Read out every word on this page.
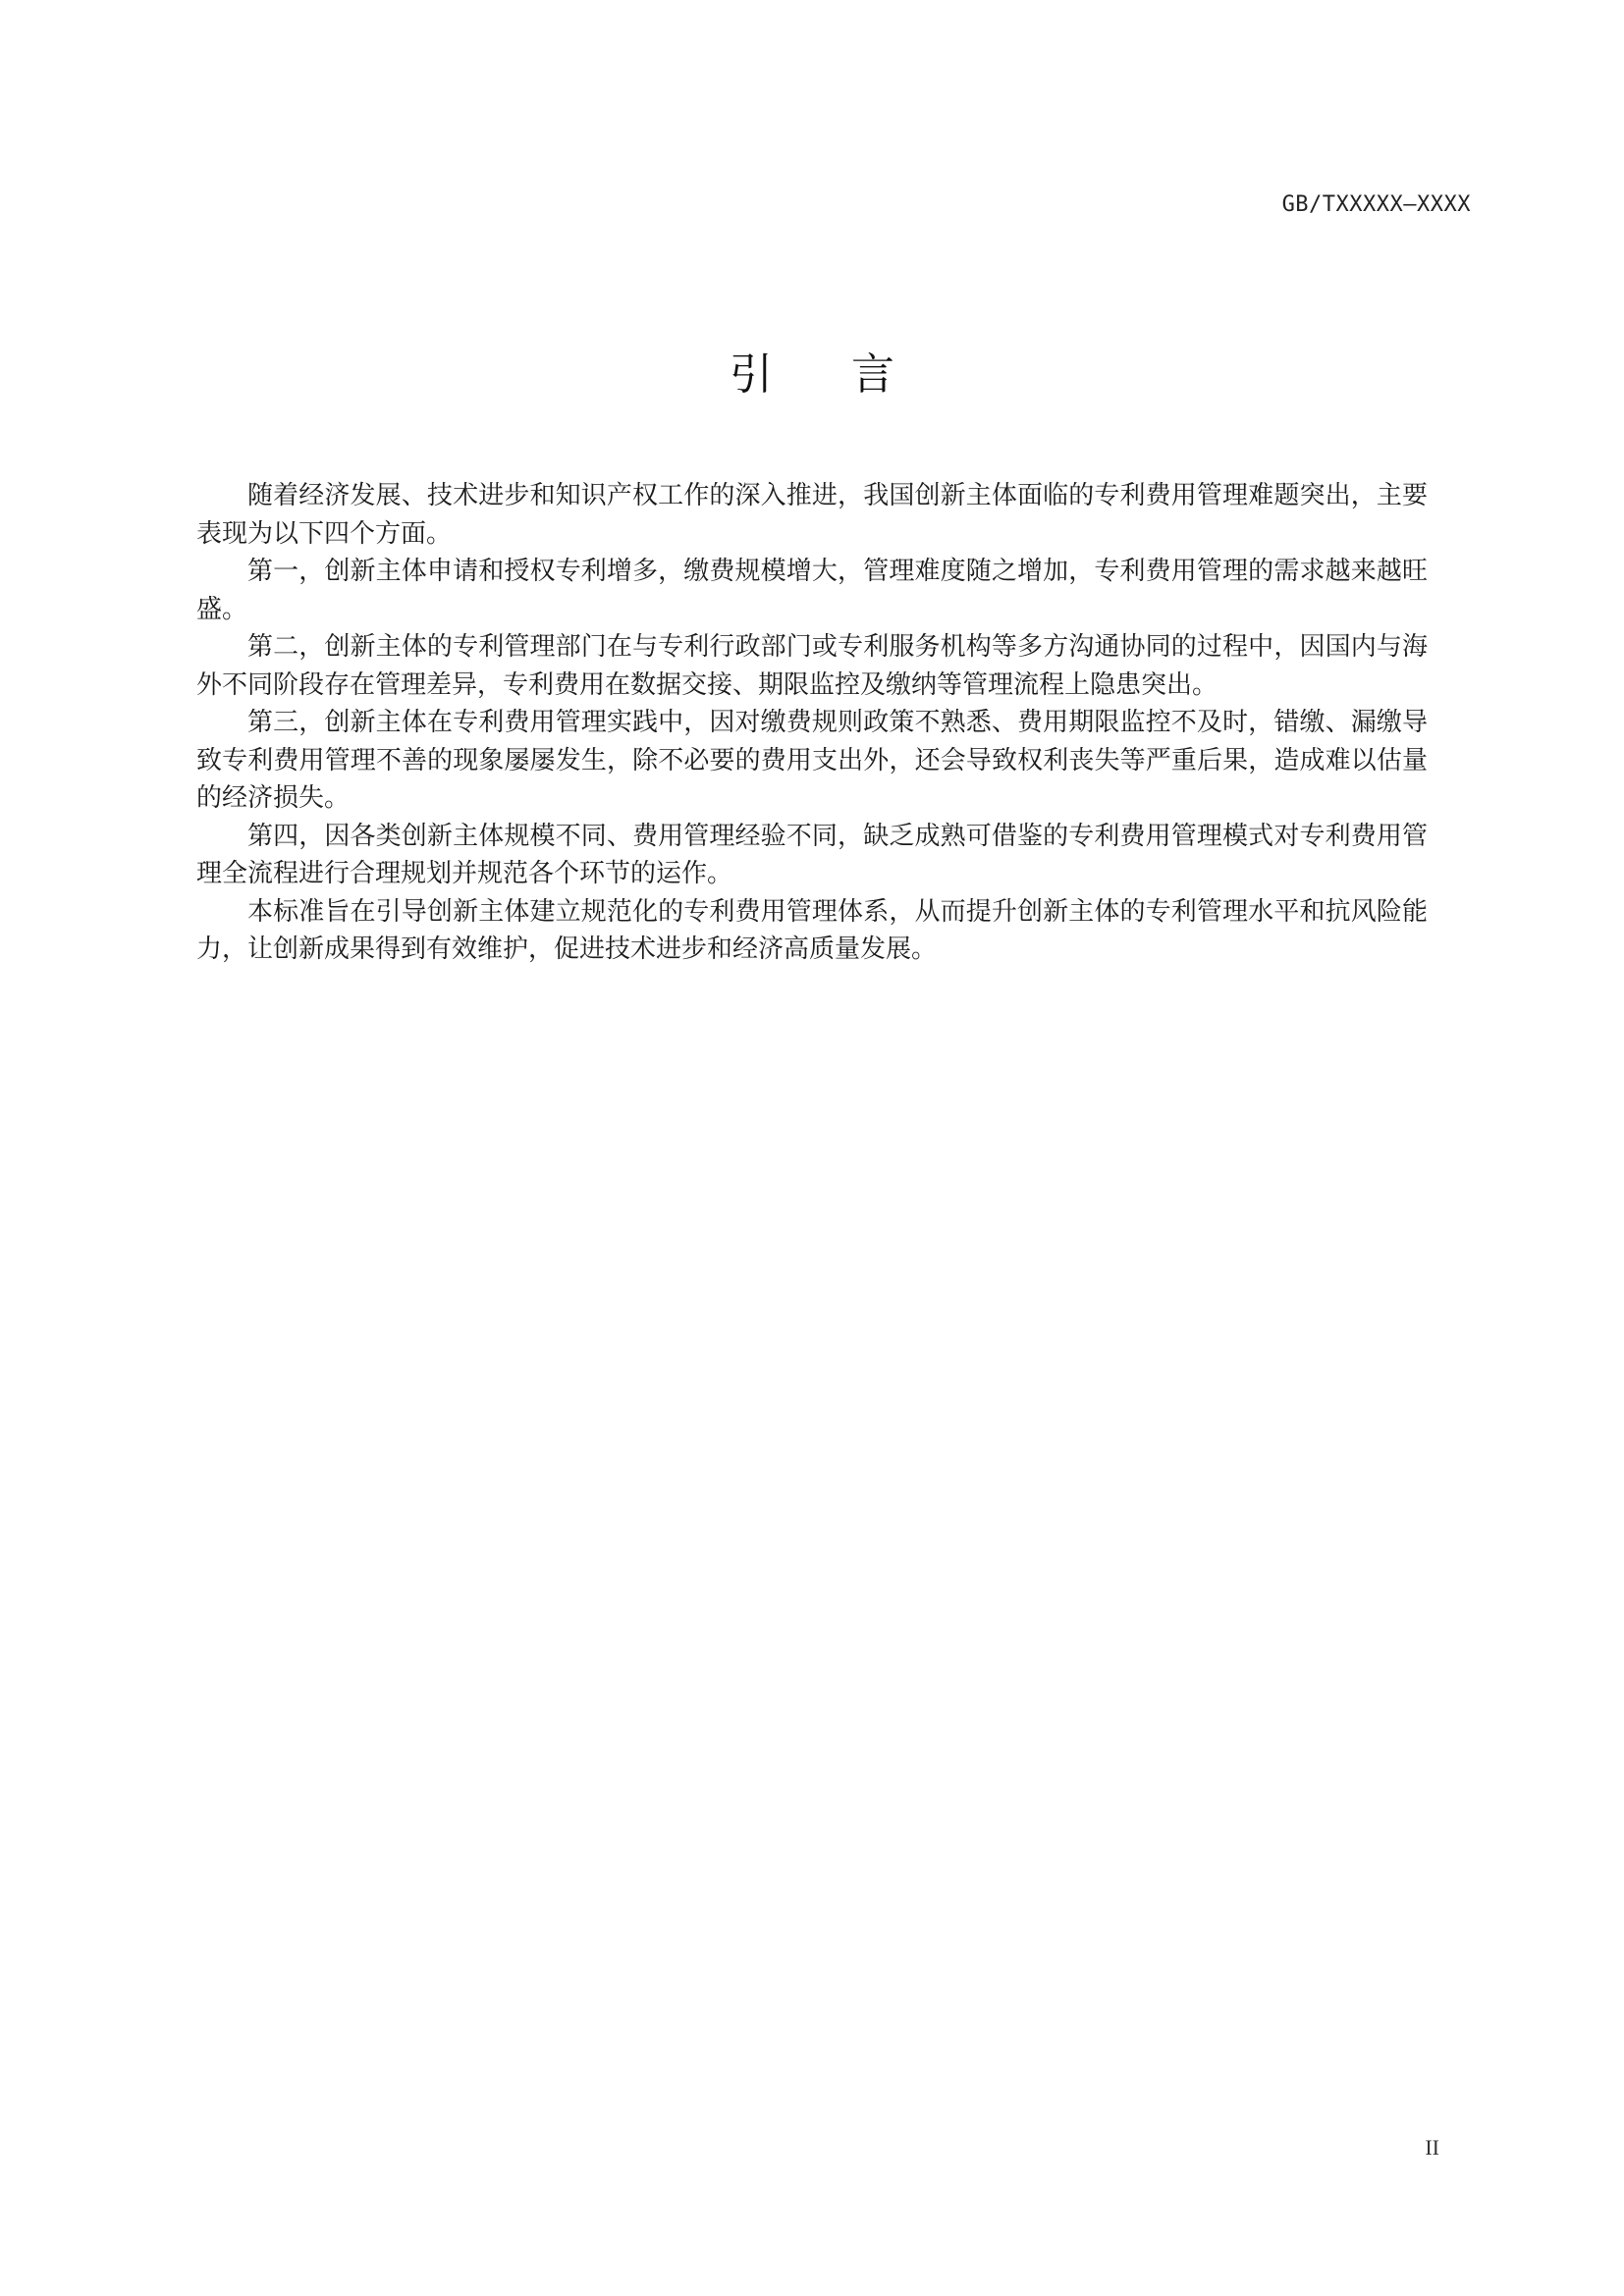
GB/TXXXXX—XXXX
引言

随着经济发展、技术进步和知识产权工作的深入推进，我国创新主体面临的专利费用管理难题突出，主要表现为以下四个方面。

第一，创新主体申请和授权专利增多，缴费规模增大，管理难度随之增加，专利费用管理的需求越来越旺盛。

第二，创新主体的专利管理部门在与专利行政部门或专利服务机构等多方沟通协同的过程中，因国内与海外不同阶段存在管理差异，专利费用在数据交接、期限监控及缴纳等管理流程上隐患突出。

第三，创新主体在专利费用管理实践中，因对缴费规则政策不熟悉、费用期限监控不及时，错缴、漏缴导致专利费用管理不善的现象屡屡发生，除不必要的费用支出外，还会导致权利丧失等严重后果，造成难以估量的经济损失。

第四，因各类创新主体规模不同、费用管理经验不同，缺乏成熟可借鉴的专利费用管理模式对专利费用管理全流程进行合理规划并规范各个环节的运作。

本标准旨在引导创新主体建立规范化的专利费用管理体系，从而提升创新主体的专利管理水平和抗风险能力，让创新成果得到有效维护，促进技术进步和经济高质量发展。

II
